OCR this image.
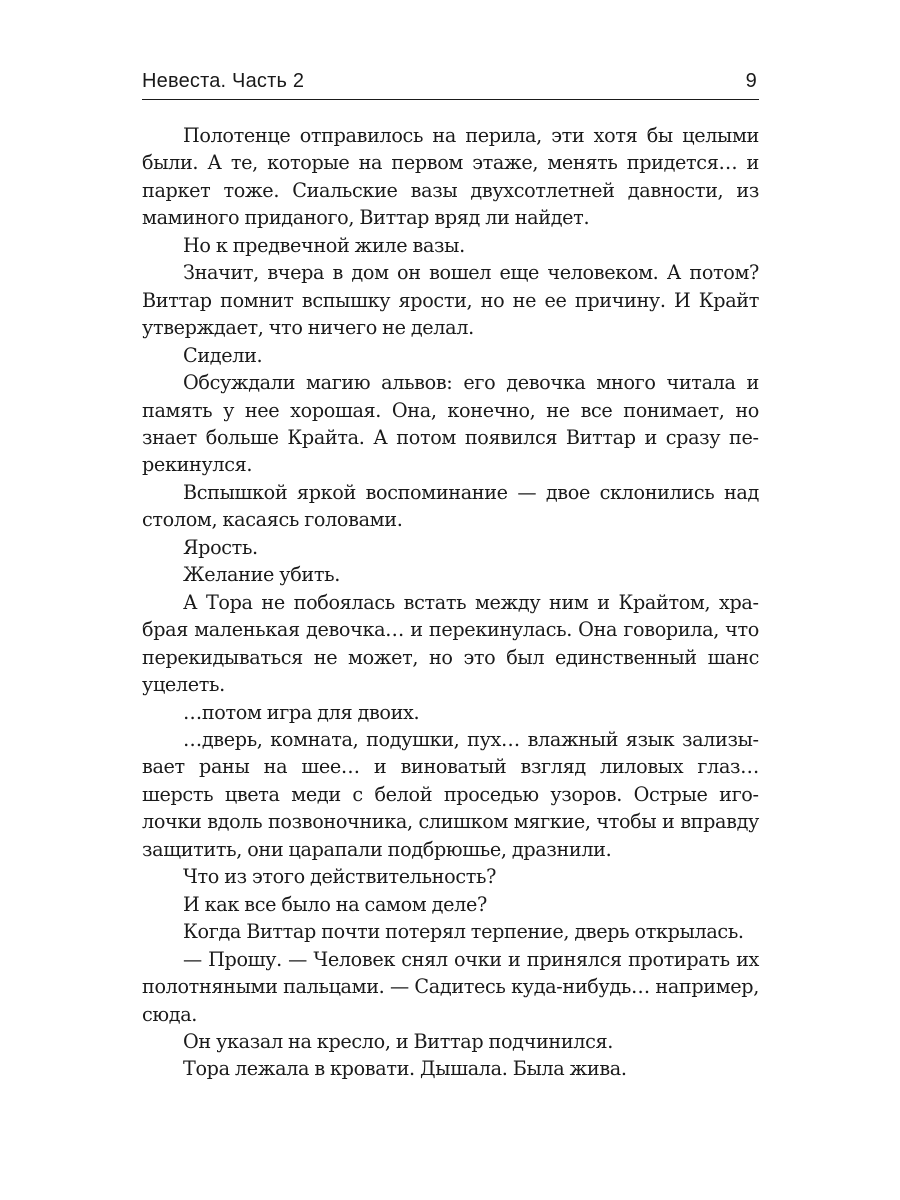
Невеста. Часть 2	9

Полотенце отправилось на перила, эти хотя бы целыми были. А те, которые на первом этаже, менять придется… и паркет тоже. Сиальские вазы двухсотлетней давности, из маминого приданого, Виттар вряд ли найдет.

Но к предвечной жиле вазы.

Значит, вчера в дом он вошел еще человеком. А потом? Виттар помнит вспышку ярости, но не ее причину. И Крайт утверждает, что ничего не делал.

Сидели.

Обсуждали магию альвов: его девочка много читала и память у нее хорошая. Она, конечно, не все понимает, но знает больше Крайта. А потом появился Виттар и сразу перекинулся.

Вспышкой яркой воспоминание — двое склонились над столом, касаясь головами.

Ярость.

Желание убить.

А Тора не побоялась встать между ним и Крайтом, храбрая маленькая девочка… и перекинулась. Она говорила, что перекидываться не может, но это был единственный шанс уцелеть.

…потом игра для двоих.

…дверь, комната, подушки, пух… влажный язык зализывает раны на шее… и виноватый взгляд лиловых глаз… шерсть цвета меди с белой проседью узоров. Острые иголочки вдоль позвоночника, слишком мягкие, чтобы и вправду защитить, они царапали подбрюшье, дразнили.

Что из этого действительность?

И как все было на самом деле?

Когда Виттар почти потерял терпение, дверь открылась.

— Прошу. — Человек снял очки и принялся протирать их полотняными пальцами. — Садитесь куда-нибудь… например, сюда.

Он указал на кресло, и Виттар подчинился.

Тора лежала в кровати. Дышала. Была жива.
